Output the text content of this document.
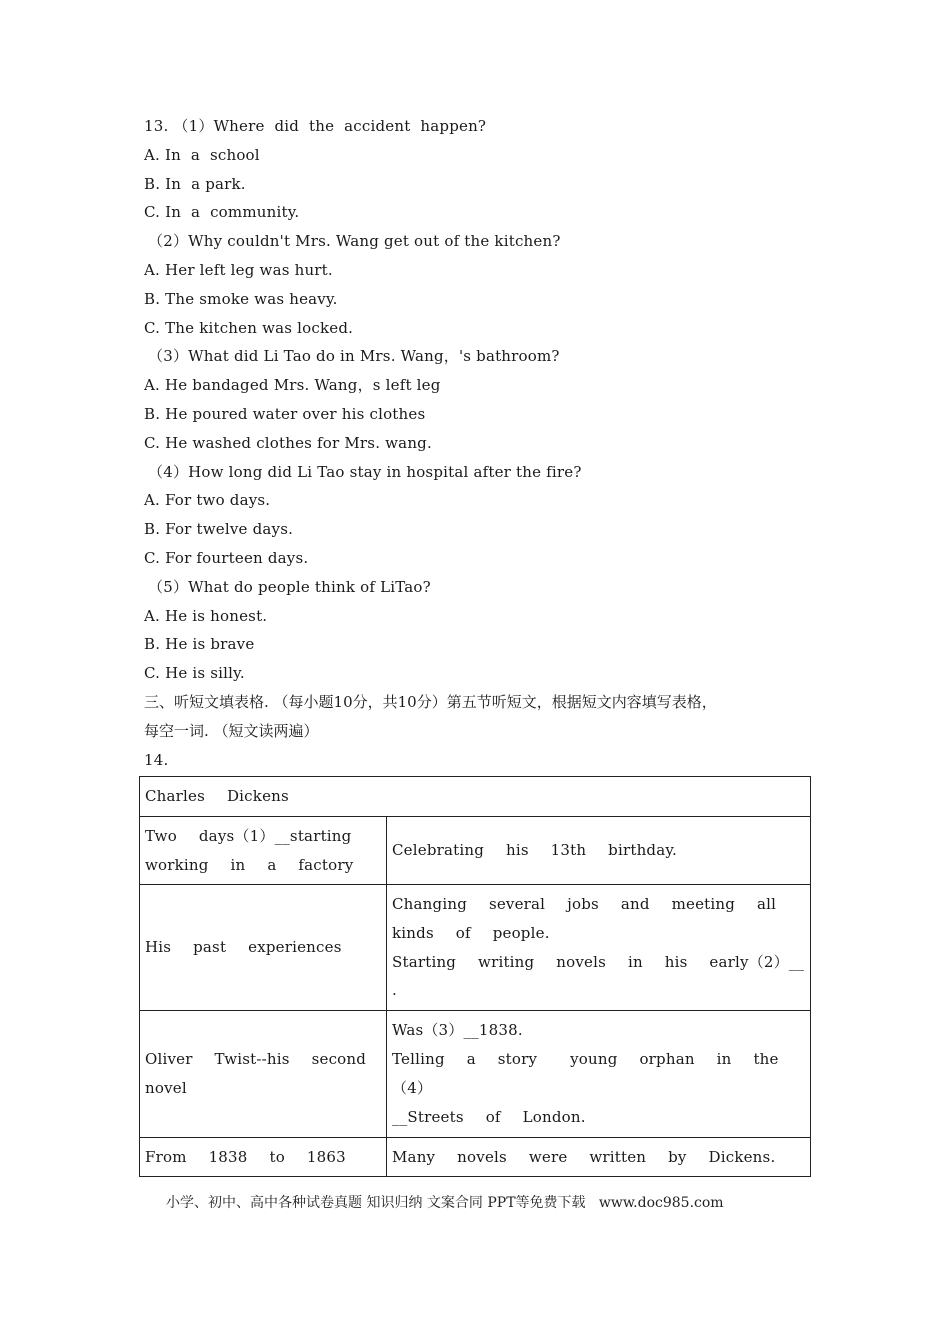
13. （1）Where  did  the  accident  happen?
A. In  a  school
B. In  a park.
C. In  a  community.
（2）Why couldn't Mrs. Wang get out of the kitchen?
A. Her left leg was hurt.
B. The smoke was heavy.
C. The kitchen was locked.
（3）What did Li Tao do in Mrs. Wang，'s bathroom?
A. He bandaged Mrs. Wang，s left leg
B. He poured water over his clothes
C. He washed clothes for Mrs. wang.
（4）How long did Li Tao stay in hospital after the fire?
A. For two days.
B. For twelve days.
C. For fourteen days.
（5）What do people think of LiTao?
A. He is honest.
B. He is brave
C. He is silly.
三、听短文填表格. （每小题10分，共10分）第五节听短文，根据短文内容填写表格，
每空一词. （短文读两遍）
14.
Charles  Dickens	

Two  days（1）__starting  working  in  a  factory	Celebrating  his  13th  birthday.

His  past  experiences	Changing  several  jobs  and  meeting  all  kinds  of  people.
Starting  writing  novels  in  his  early（2）__ .

Oliver  Twist--his  second  novel	Was（3）__1838.
Telling  a  story   young  orphan  in  the  （4）
__Streets  of  London.

From  1838  to  1863	Many  novels  were  written  by  Dickens.
小学、初中、高中各种试卷真题 知识归纳 文案合同 PPT等免费下载   www.doc985.com
